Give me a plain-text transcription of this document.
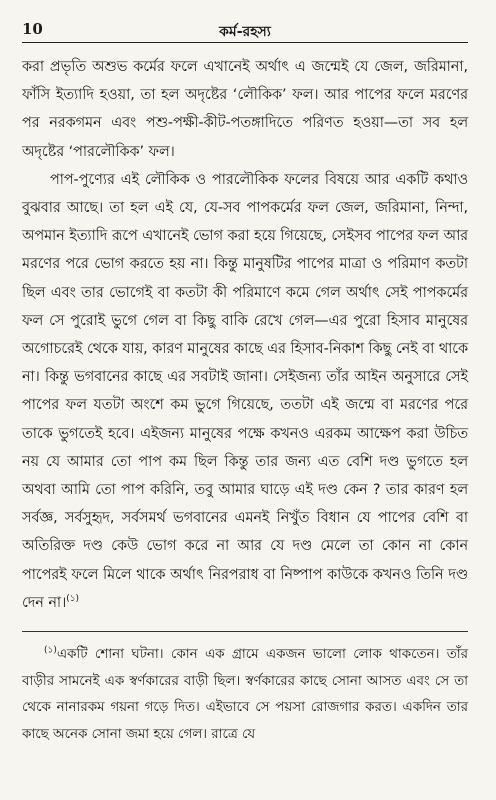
10	কর্ম-রহস্য

করা প্রভৃতি অশুভ কর্মের ফলে এখানেই অর্থাৎ এ জন্মেই যে জেল, জরিমানা, ফাঁসি ইত্যাদি হওয়া, তা হল অদৃষ্টের ‘লৌকিক’ ফল। আর পাপের ফলে মরণের পর নরকগমন এবং পশু-পক্ষী-কীট-পতঙ্গাদিতে পরিণত হওয়া—তা সব হল অদৃষ্টের ‘পারলৌকিক’ ফল।

পাপ-পুণ্যের এই লৌকিক ও পারলৌকিক ফলের বিষয়ে আর একটি কথাও বুঝবার আছে। তা হল এই যে, যে-সব পাপকর্মের ফল জেল, জরিমানা, নিন্দা, অপমান ইত্যাদি রূপে এখানেই ভোগ করা হয়ে গিয়েছে, সেইসব পাপের ফল আর মরণের পরে ভোগ করতে হয় না। কিন্তু মানুষটির পাপের মাত্রা ও পরিমাণ কতটা ছিল এবং তার ভোগেই বা কতটা কী পরিমাণে কমে গেল অর্থাৎ সেই পাপকর্মের ফল সে পুরোই ভুগে গেল বা কিছু বাকি রেখে গেল—এর পুরো হিসাব মানুষের অগোচরেই থেকে যায়, কারণ মানুষের কাছে এর হিসাব-নিকাশ কিছু নেই বা থাকে না। কিন্তু ভগবানের কাছে এর সবটাই জানা। সেইজন্য তাঁর আইন অনুসারে সেই পাপের ফল যতটা অংশে কম ভুগে গিয়েছে, ততটা এই জন্মে বা মরণের পরে তাকে ভুগতেই হবে। এইজন্য মানুষের পক্ষে কখনও এরকম আক্ষেপ করা উচিত নয় যে আমার তো পাপ কম ছিল কিন্তু তার জন্য এত বেশি দণ্ড ভুগতে হল অথবা আমি তো পাপ করিনি, তবু আমার ঘাড়ে এই দণ্ড কেন ? তার কারণ হল সর্বজ্ঞ, সর্বসুহৃদ, সর্বসমর্থ ভগবানের এমনই নিখুঁত বিধান যে পাপের বেশি বা অতিরিক্ত দণ্ড কেউ ভোগ করে না আর যে দণ্ড মেলে তা কোন না কোন পাপেরই ফলে মিলে থাকে অর্থাৎ নিরপরাধ বা নিষ্পাপ কাউকে কখনও তিনি দণ্ড দেন না।$^{(১)}$

$^{(১)}$একটি শোনা ঘটনা। কোন এক গ্রামে একজন ভালো লোক থাকতেন। তাঁর বাড়ীর সামনেই এক স্বর্ণকারের বাড়ী ছিল। স্বর্ণকারের কাছে সোনা আসত এবং সে তা থেকে নানারকম গয়না গড়ে দিত। এইভাবে সে পয়সা রোজগার করত। একদিন তার কাছে অনেক সোনা জমা হয়ে গেল। রাত্রে যে
